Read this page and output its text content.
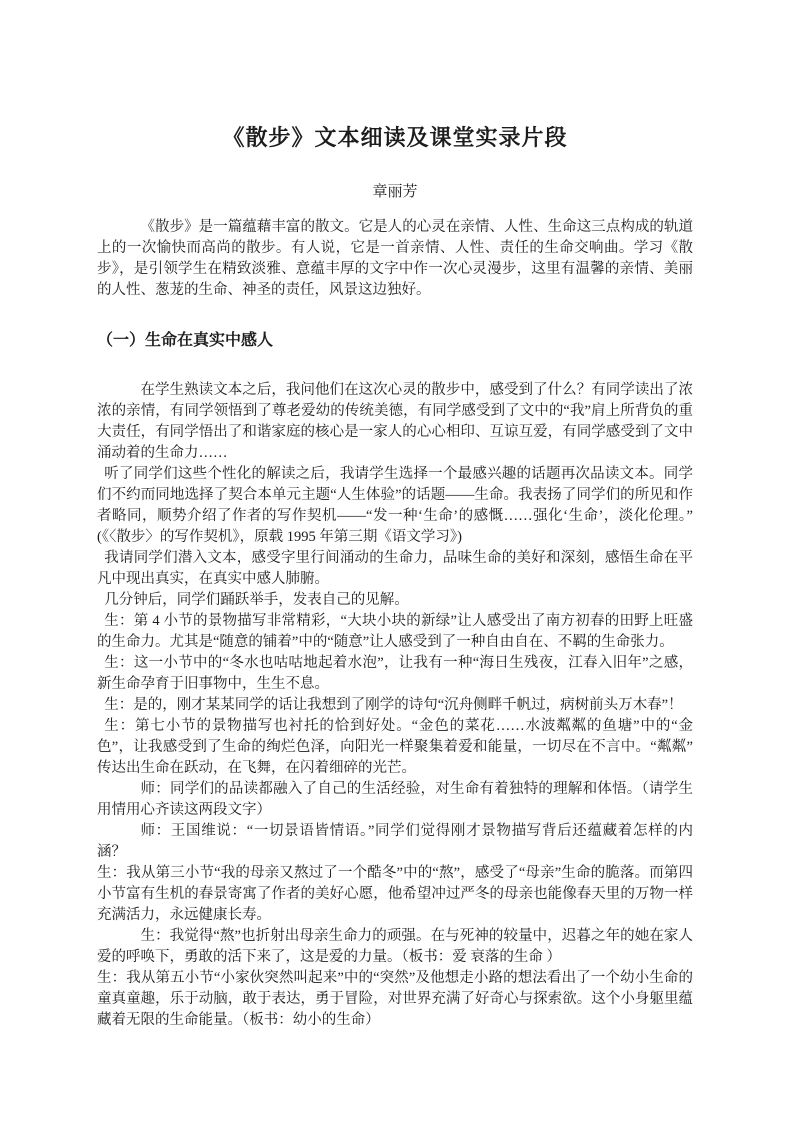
《散步》文本细读及课堂实录片段
章丽芳

《散步》是一篇蕴藉丰富的散文。它是人的心灵在亲情、人性、生命这三点构成的轨道上的一次愉快而高尚的散步。有人说，它是一首亲情、人性、责任的生命交响曲。学习《散步》，是引领学生在精致淡雅、意蕴丰厚的文字中作一次心灵漫步，这里有温馨的亲情、美丽的人性、葱茏的生命、神圣的责任，风景这边独好。

（一）生命在真实中感人

在学生熟读文本之后，我问他们在这次心灵的散步中，感受到了什么？有同学读出了浓浓的亲情，有同学领悟到了尊老爱幼的传统美德，有同学感受到了文中的“我”肩上所背负的重大责任，有同学悟出了和谐家庭的核心是一家人的心心相印、互谅互爱，有同学感受到了文中涌动着的生命力……

听了同学们这些个性化的解读之后，我请学生选择一个最感兴趣的话题再次品读文本。同学们不约而同地选择了契合本单元主题“人生体验”的话题——生命。我表扬了同学们的所见和作者略同，顺势介绍了作者的写作契机——“发一种‘生命’的感慨……强化‘生命’，淡化伦理。”(《〈散步〉的写作契机》，原载 1995 年第三期《语文学习》)

我请同学们潜入文本，感受字里行间涌动的生命力，品味生命的美好和深刻，感悟生命在平凡中现出真实，在真实中感人肺腑。

几分钟后，同学们踊跃举手，发表自己的见解。

生：第 4 小节的景物描写非常精彩，“大块小块的新绿”让人感受出了南方初春的田野上旺盛的生命力。尤其是“随意的铺着”中的“随意”让人感受到了一种自由自在、不羁的生命张力。

生：这一小节中的“冬水也咕咕地起着水泡”，让我有一种“海日生残夜，江春入旧年”之感，新生命孕育于旧事物中，生生不息。

生：是的，刚才某某同学的话让我想到了刚学的诗句“沉舟侧畔千帆过，病树前头万木春”！

生：第七小节的景物描写也衬托的恰到好处。“金色的菜花……水波粼粼的鱼塘”中的“金色”，让我感受到了生命的绚烂色泽，向阳光一样聚集着爱和能量，一切尽在不言中。“粼粼”传达出生命在跃动，在飞舞，在闪着细碎的光芒。

师：同学们的品读都融入了自己的生活经验，对生命有着独特的理解和体悟。（请学生用情用心齐读这两段文字）

师：王国维说：“一切景语皆情语。”同学们觉得刚才景物描写背后还蕴藏着怎样的内涵？

生：我从第三小节“我的母亲又熬过了一个酷冬”中的“熬”，感受了“母亲”生命的脆落。而第四小节富有生机的春景寄寓了作者的美好心愿，他希望冲过严冬的母亲也能像春天里的万物一样充满活力，永远健康长寿。

生：我觉得“熬”也折射出母亲生命力的顽强。在与死神的较量中，迟暮之年的她在家人爱的呼唤下，勇敢的活下来了，这是爱的力量。（板书：爱 衰落的生命 ）

生：我从第五小节“小家伙突然叫起来”中的“突然”及他想走小路的想法看出了一个幼小生命的童真童趣，乐于动脑，敢于表达，勇于冒险，对世界充满了好奇心与探索欲。这个小身躯里蕴藏着无限的生命能量。（板书：幼小的生命）
